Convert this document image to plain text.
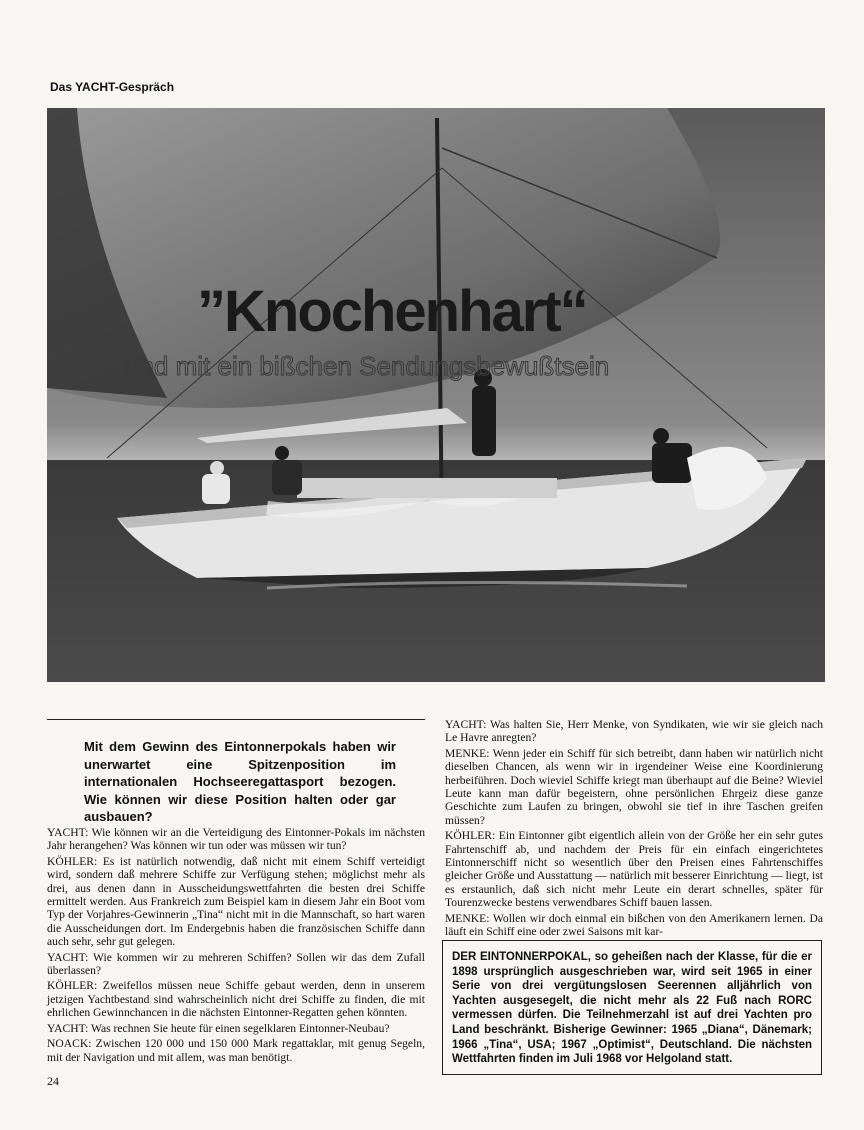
Das YACHT-Gespräch
”Knochenhart“
und mit ein bißchen Sendungsbewußtsein
Mit dem Gewinn des Eintonnerpokals haben wir unerwartet eine Spitzenposition im internationalen Hochseeregattasport bezogen. Wie können wir diese Position halten oder gar ausbauen?

YACHT: Wie können wir an die Verteidigung des Eintonner-Pokals im nächsten Jahr herangehen? Was können wir tun oder was müssen wir tun?

KÖHLER: Es ist natürlich notwendig, daß nicht mit einem Schiff verteidigt wird, sondern daß mehrere Schiffe zur Verfügung stehen; möglichst mehr als drei, aus denen dann in Ausscheidungswettfahrten die besten drei Schiffe ermittelt werden. Aus Frankreich zum Beispiel kam in diesem Jahr ein Boot vom Typ der Vorjahres-Gewinnerin „Tina“ nicht mit in die Mannschaft, so hart waren die Ausscheidungen dort. Im Endergebnis haben die französischen Schiffe dann auch sehr, sehr gut gelegen.

YACHT: Wie kommen wir zu mehreren Schiffen? Sollen wir das dem Zufall überlassen?

KÖHLER: Zweifellos müssen neue Schiffe gebaut werden, denn in unserem jetzigen Yachtbestand sind wahrscheinlich nicht drei Schiffe zu finden, die mit ehrlichen Gewinnchancen in die nächsten Eintonner-Regatten gehen könnten.

YACHT: Was rechnen Sie heute für einen segelklaren Eintonner-Neubau?

NOACK: Zwischen 120 000 und 150 000 Mark regattaklar, mit genug Segeln, mit der Navigation und mit allem, was man benötigt.

YACHT: Was halten Sie, Herr Menke, von Syndikaten, wie wir sie gleich nach Le Havre anregten?

MENKE: Wenn jeder ein Schiff für sich betreibt, dann haben wir natürlich nicht dieselben Chancen, als wenn wir in irgendeiner Weise eine Koordinierung herbeiführen. Doch wieviel Schiffe kriegt man überhaupt auf die Beine? Wieviel Leute kann man dafür begeistern, ohne persönlichen Ehrgeiz diese ganze Geschichte zum Laufen zu bringen, obwohl sie tief in ihre Taschen greifen müssen?

KÖHLER: Ein Eintonner gibt eigentlich allein von der Größe her ein sehr gutes Fahrtenschiff ab, und nachdem der Preis für ein einfach eingerichtetes Eintonnerschiff nicht so wesentlich über den Preisen eines Fahrtenschiffes gleicher Größe und Ausstattung — natürlich mit besserer Einrichtung — liegt, ist es erstaunlich, daß sich nicht mehr Leute ein derart schnelles, später für Tourenzwecke bestens verwendbares Schiff bauen lassen.

MENKE: Wollen wir doch einmal ein bißchen von den Amerikanern lernen. Da läuft ein Schiff eine oder zwei Saisons mit kar-

DER EINTONNERPOKAL, so geheißen nach der Klasse, für die er 1898 ursprünglich ausgeschrieben war, wird seit 1965 in einer Serie von drei vergütungslosen Seerennen alljährlich von Yachten ausgesegelt, die nicht mehr als 22 Fuß nach RORC vermessen dürfen. Die Teilnehmerzahl ist auf drei Yachten pro Land beschränkt. Bisherige Gewinner: 1965 „Diana“, Dänemark; 1966 „Tina“, USA; 1967 „Optimist“, Deutschland. Die nächsten Wettfahrten finden im Juli 1968 vor Helgoland statt.
24
